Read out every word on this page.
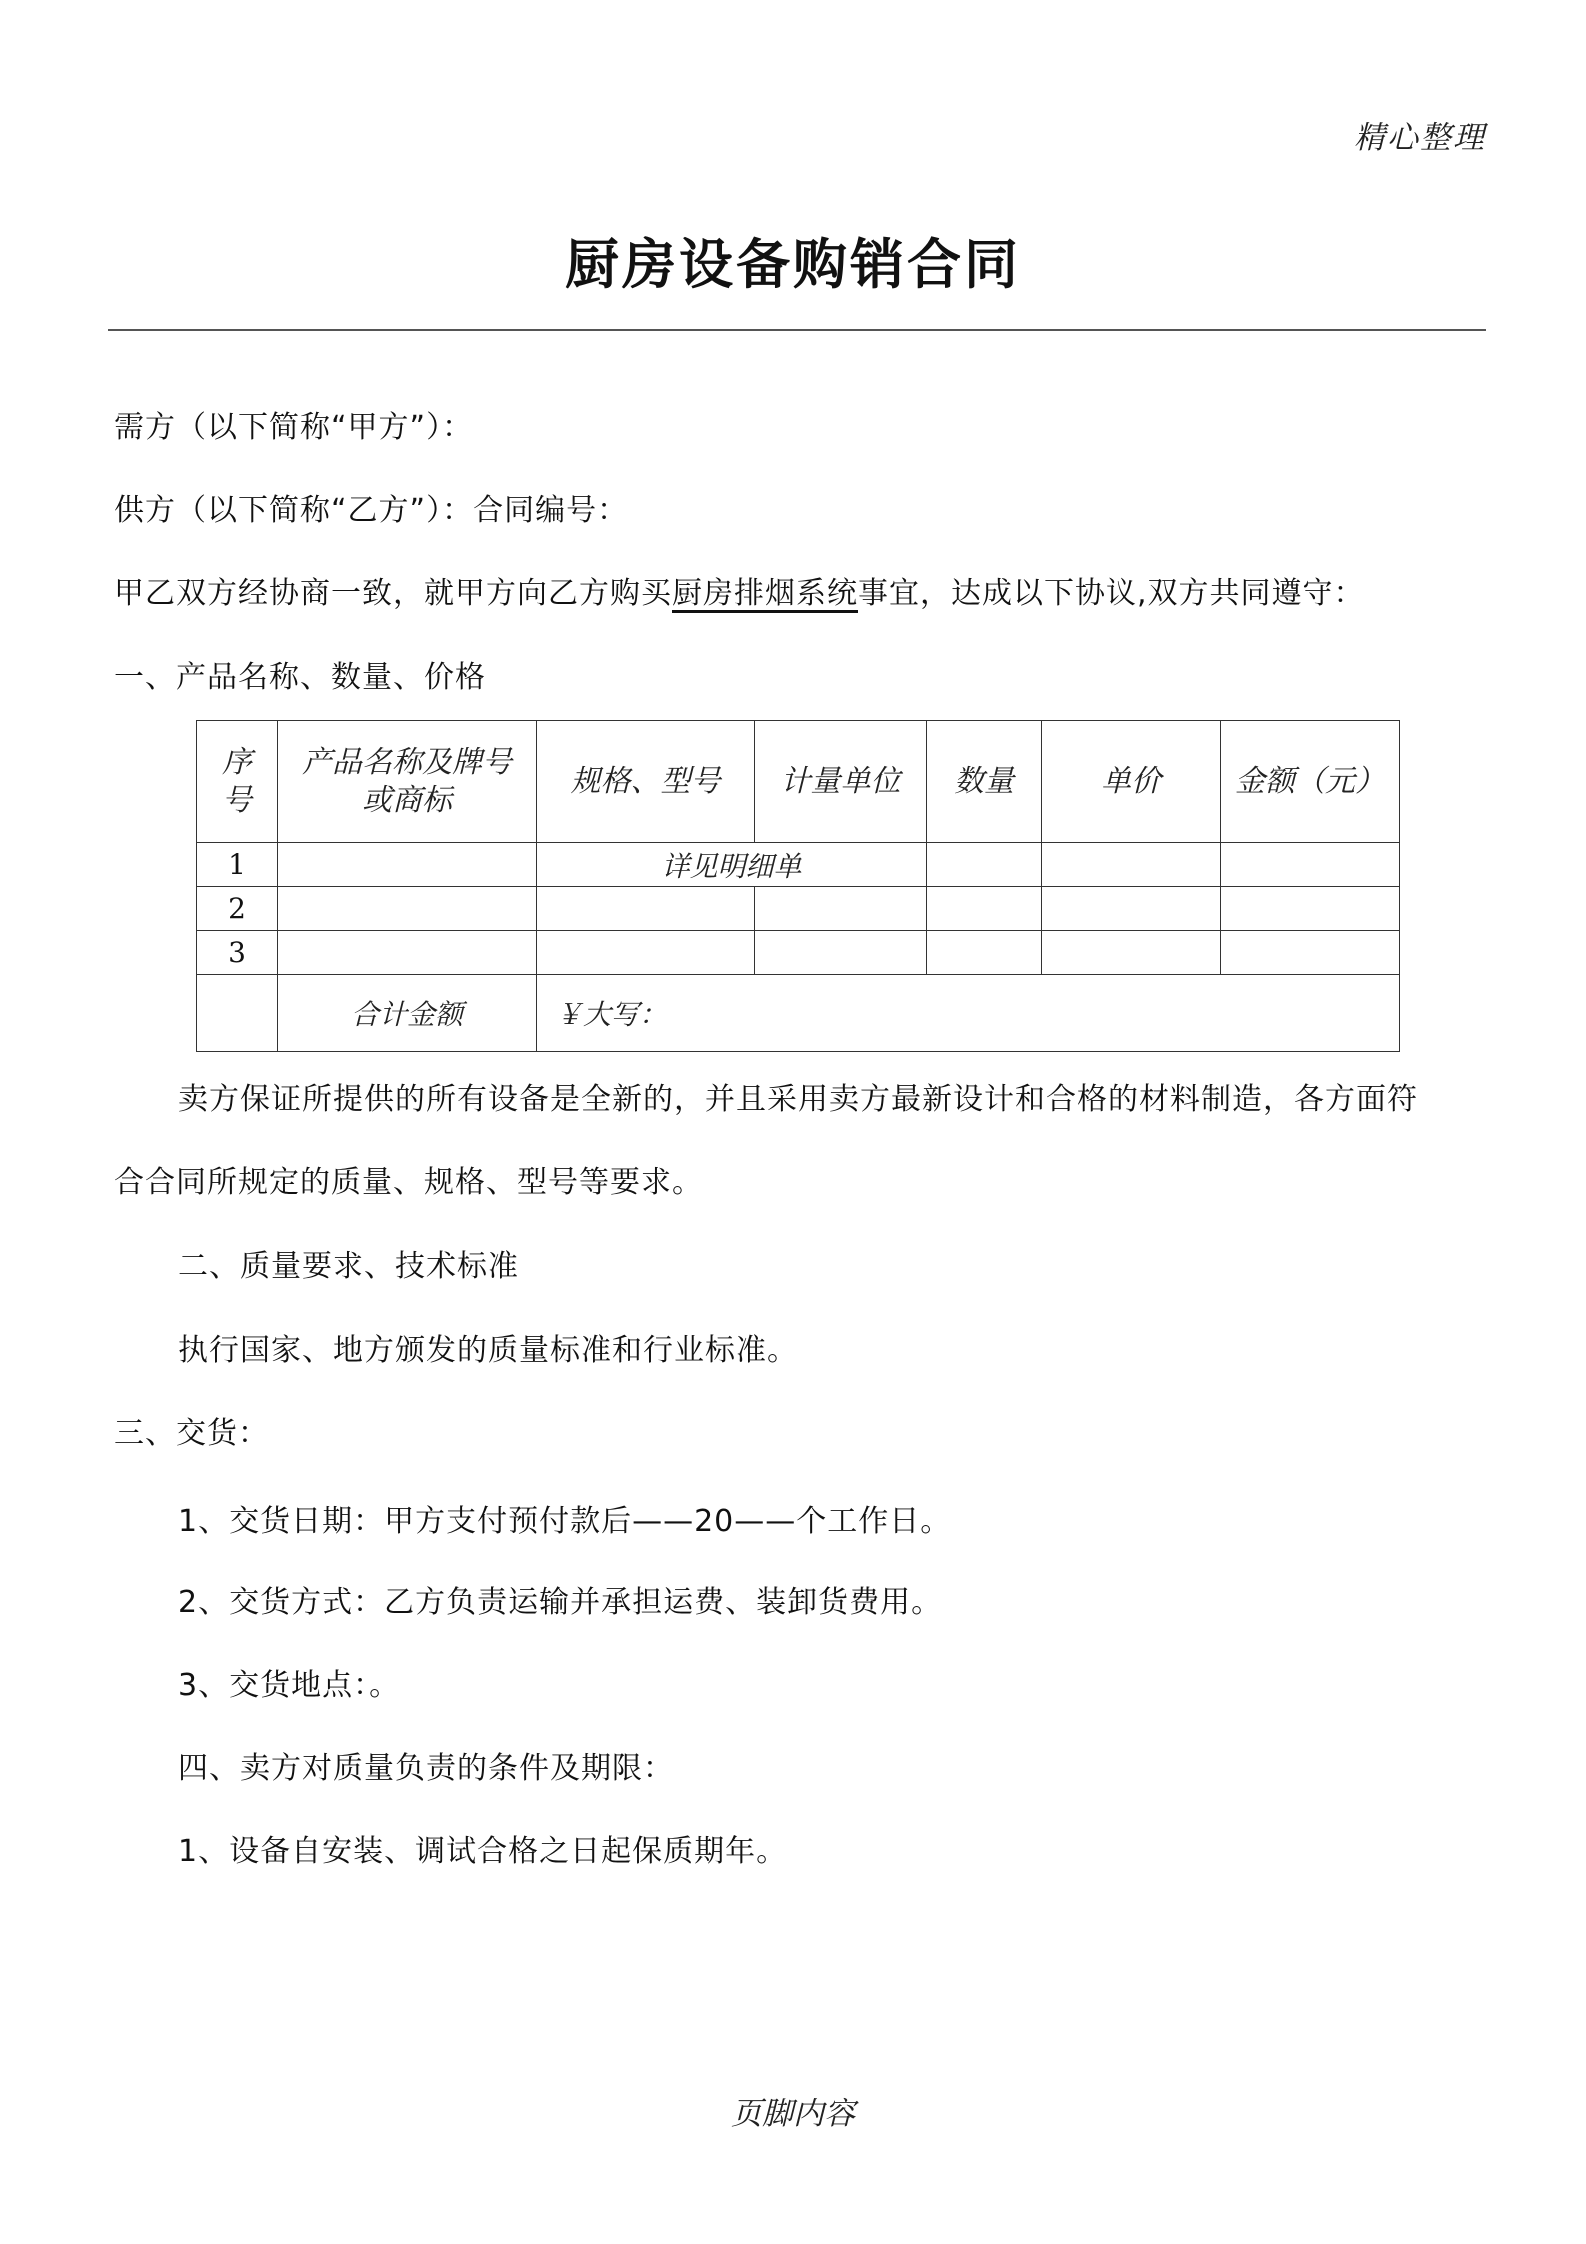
精心整理
厨房设备购销合同
需方（以下简称“甲方”）：
供方（以下简称“乙方”）：合同编号：
甲乙双方经协商一致，就甲方向乙方购买厨房排烟系统事宜，达成以下协议,双方共同遵守：
一、产品名称、数量、价格
序号	产品名称及牌号或商标	规格、型号	计量单位	数量	单价	金额（元）
1		详见明细单				
2						
3						
	合计金额	￥大写：				
卖方保证所提供的所有设备是全新的，并且采用卖方最新设计和合格的材料制造，各方面符
合合同所规定的质量、规格、型号等要求。
二、质量要求、技术标准
执行国家、地方颁发的质量标准和行业标准。
三、交货：
1、交货日期：甲方支付预付款后——20——个工作日。
2、交货方式：乙方负责运输并承担运费、装卸货费用。
3、交货地点：。
四、卖方对质量负责的条件及期限：
1、设备自安装、调试合格之日起保质期年。
页脚内容
